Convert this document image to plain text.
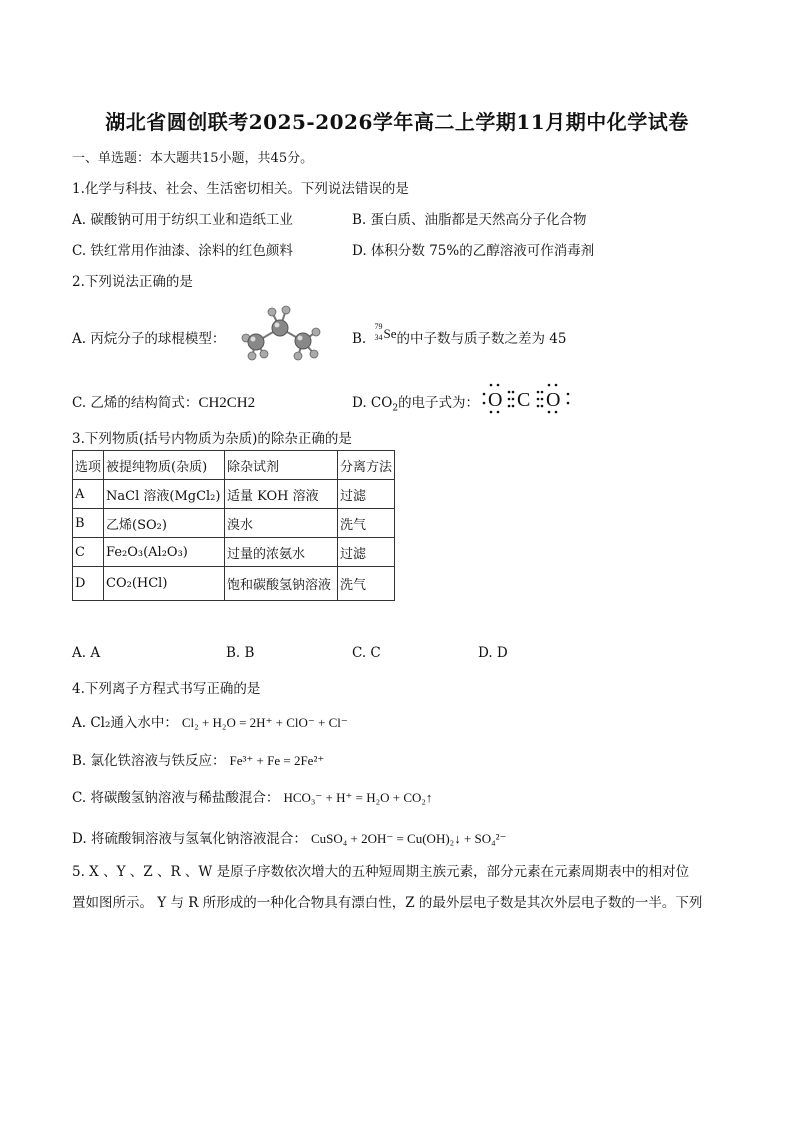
湖北省圆创联考2025-2026学年高二上学期11月期中化学试卷
一、单选题：本大题共15小题，共45分。
1.化学与科技、社会、生活密切相关。下列说法错误的是
A. 碳酸钠可用于纺织工业和造纸工业	B. 蛋白质、油脂都是天然高分子化合物
C. 铁红常用作油漆、涂料的红色颜料	D. 体积分数 75%的乙醇溶液可作消毒剂
2.下列说法正确的是
A. 丙烷分子的球棍模型：	B.
79
34 Se 的中子数与质子数之差为 45
C. 乙烯的结构简式：CH2CH2	D. $CO_2$的电子式为： O C O
3.下列物质(括号内物质为杂质)的除杂正确的是
选项	被提纯物质(杂质)	除杂试剂	分离方法
A	NaCl 溶液(MgCl₂)	适量 KOH 溶液	过滤
B	乙烯(SO₂)	溴水	洗气
C	Fe₂O₃(Al₂O₃)	过量的浓氨水	过滤
D	CO₂(HCl)	饱和碳酸氢钠溶液	洗气
A. A	B. B	C. C	D. D
4.下列离子方程式书写正确的是
A. Cl₂通入水中： Cl₂ + H₂O = 2H⁺ + ClO⁻ + Cl⁻
B. 氯化铁溶液与铁反应： Fe³⁺ + Fe = 2Fe²⁺
C. 将碳酸氢钠溶液与稀盐酸混合： HCO₃⁻ + H⁺ = H₂O + CO₂↑
D. 将硫酸铜溶液与氢氧化钠溶液混合： CuSO₄ + 2OH⁻ = Cu(OH)₂↓ + SO₄²⁻
5. X 、Y 、Z 、R 、W 是原子序数依次增大的五种短周期主族元素，部分元素在元素周期表中的相对位
置如图所示。 Y 与 R 所形成的一种化合物具有漂白性，Z 的最外层电子数是其次外层电子数的一半。下列
